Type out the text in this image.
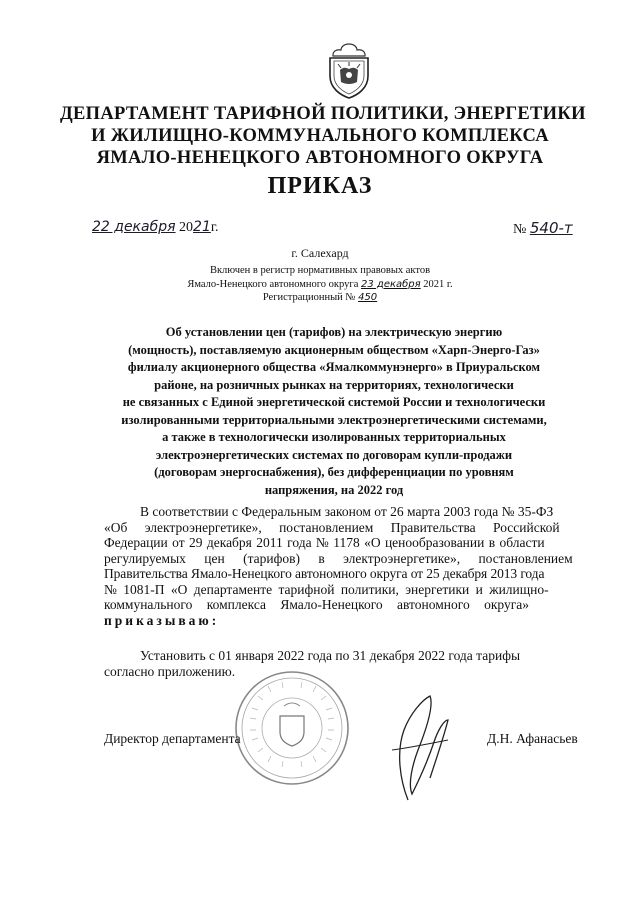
ДЕПАРТАМЕНТ ТАРИФНОЙ ПОЛИТИКИ, ЭНЕРГЕТИКИ
И ЖИЛИЩНО-КОММУНАЛЬНОГО КОМПЛЕКСА
ЯМАЛО-НЕНЕЦКОГО АВТОНОМНОГО ОКРУГА
ПРИКАЗ
22 декабря 2021г.	№ 540-т
г. Салехард
Включен в регистр нормативных правовых актов
Ямало-Ненецкого автономного округа 23 декабря 2021 г.
Регистрационный № 450
Об установлении цен (тарифов) на электрическую энергию
(мощность), поставляемую акционерным обществом «Харп-Энерго-Газ»
филиалу акционерного общества «Ямалкоммунэнерго» в Приуральском
районе, на розничных рынках на территориях, технологически
не связанных с Единой энергетической системой России и технологически
изолированными территориальными электроэнергетическими системами,
а также в технологически изолированных территориальных
электроэнергетических системах по договорам купли-продажи
(договорам энергоснабжения), без дифференциации по уровням
напряжения, на 2022 год
В соответствии с Федеральным законом от 26 марта 2003 года № 35-ФЗ
«Об электроэнергетике», постановлением Правительства Российской
Федерации от 29 декабря 2011 года № 1178 «О ценообразовании в области
регулируемых цен (тарифов) в электроэнергетике», постановлением
Правительства Ямало-Ненецкого автономного округа от 25 декабря 2013 года
№ 1081-П «О департаменте тарифной политики, энергетики и жилищно-
коммунального комплекса Ямало-Ненецкого автономного округа»
приказываю:
Установить с 01 января 2022 года по 31 декабря 2022 года тарифы
согласно приложению.
Директор департамента	Д.Н. Афанасьев
